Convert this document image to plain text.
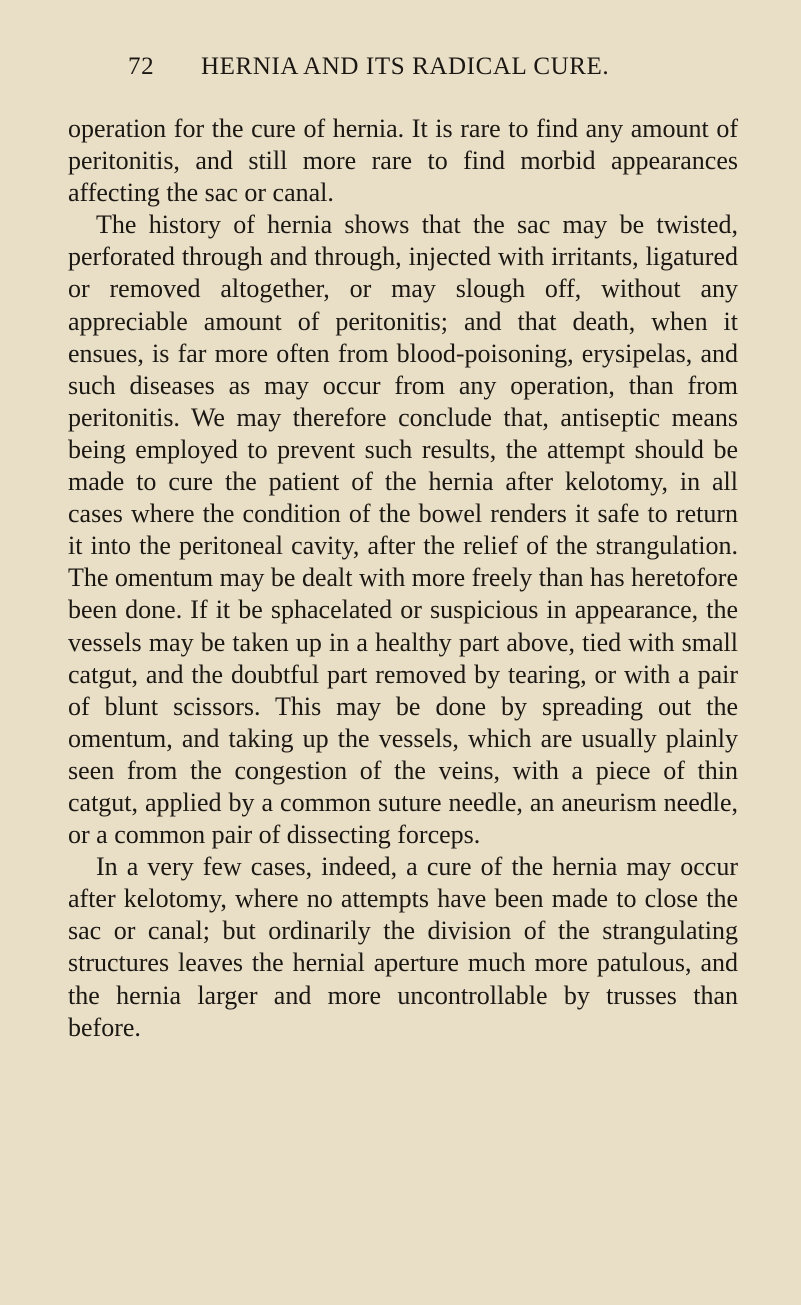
72 HERNIA AND ITS RADICAL CURE.

operation for the cure of hernia. It is rare to find any amount of peritonitis, and still more rare to find morbid appearances affecting the sac or canal.

The history of hernia shows that the sac may be twisted, perforated through and through, injected with irritants, ligatured or removed altogether, or may slough off, without any appreciable amount of peritonitis; and that death, when it ensues, is far more often from blood-poisoning, erysipelas, and such diseases as may occur from any operation, than from peritonitis. We may therefore conclude that, antiseptic means being employed to prevent such results, the attempt should be made to cure the patient of the hernia after kelotomy, in all cases where the condition of the bowel renders it safe to return it into the peritoneal cavity, after the relief of the strangulation. The omentum may be dealt with more freely than has heretofore been done. If it be sphacelated or suspicious in appearance, the vessels may be taken up in a healthy part above, tied with small catgut, and the doubtful part removed by tearing, or with a pair of blunt scissors. This may be done by spreading out the omentum, and taking up the vessels, which are usually plainly seen from the congestion of the veins, with a piece of thin catgut, applied by a common suture needle, an aneurism needle, or a common pair of dissecting forceps.

In a very few cases, indeed, a cure of the hernia may occur after kelotomy, where no attempts have been made to close the sac or canal; but ordinarily the division of the strangulating structures leaves the hernial aperture much more patulous, and the hernia larger and more uncontrollable by trusses than before.
